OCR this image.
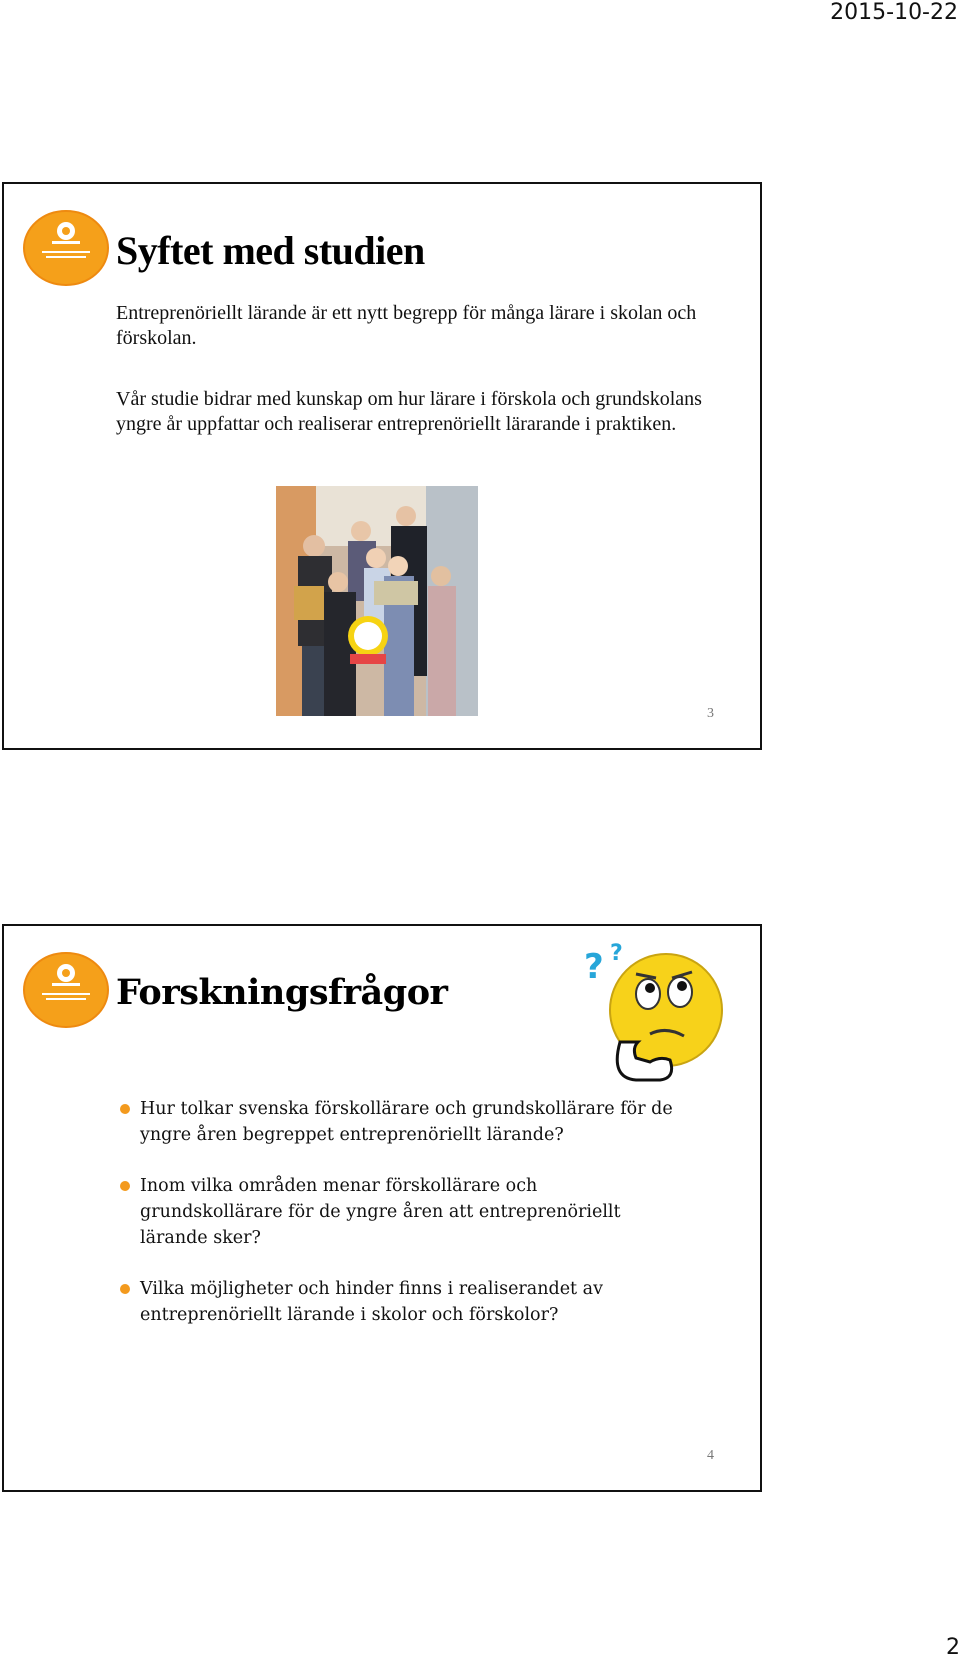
2015-10-22
Syftet med studien
Entreprenöriellt lärande är ett nytt begrepp för många lärare i skolan och förskolan.
Vår studie bidrar med kunskap om hur lärare i förskola och grundskolans yngre år uppfattar och realiserar entreprenöriellt lärarande i praktiken.
3
Forskningsfrågor
? ?
Hur tolkar svenska förskollärare och grundskollärare för de yngre åren begreppet entreprenöriellt lärande?
Inom vilka områden menar förskollärare och grundskollärare för de yngre åren att entreprenöriellt lärande sker?
Vilka möjligheter och hinder finns i realiserandet av entreprenöriellt lärande i skolor och förskolor?
4
2
